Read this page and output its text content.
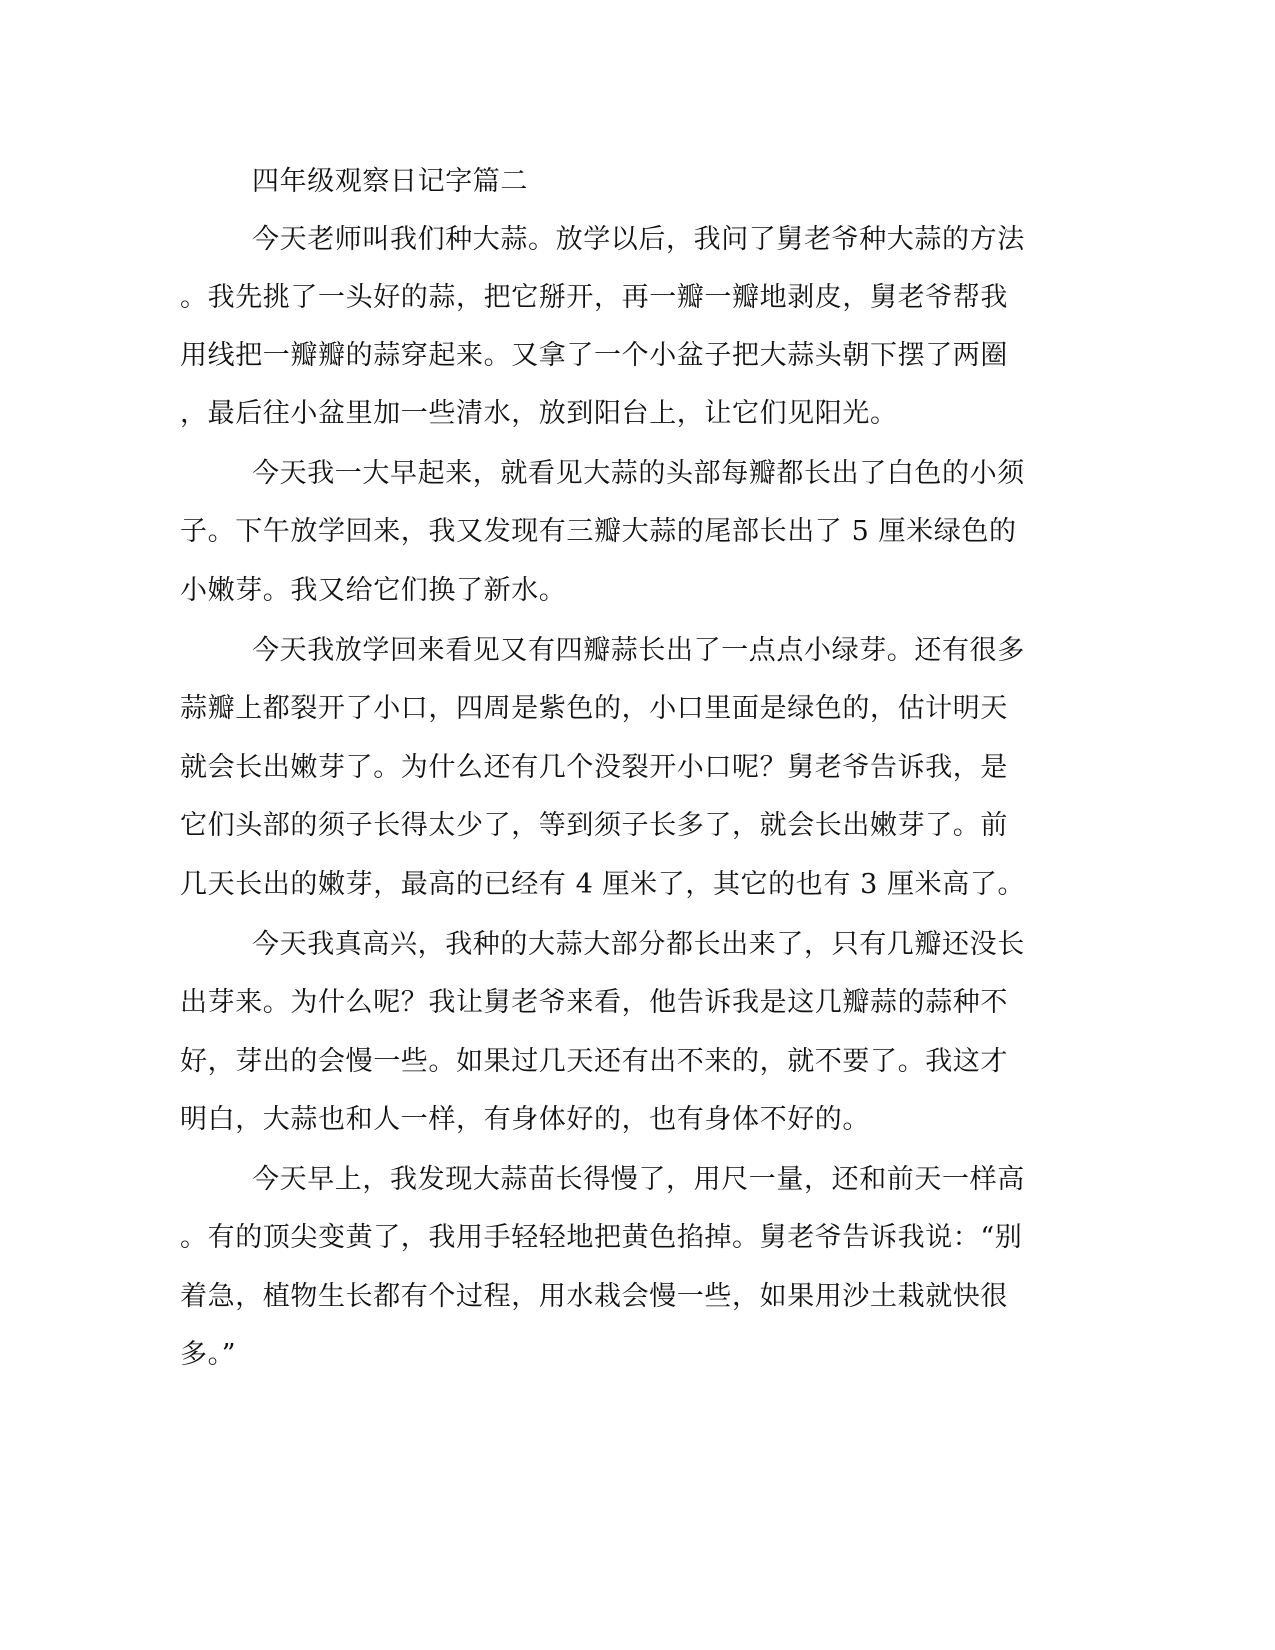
四年级观察日记字篇二
今天老师叫我们种大蒜。放学以后，我问了舅老爷种大蒜的方法
。我先挑了一头好的蒜，把它掰开，再一瓣一瓣地剥皮，舅老爷帮我
用线把一瓣瓣的蒜穿起来。又拿了一个小盆子把大蒜头朝下摆了两圈
，最后往小盆里加一些清水，放到阳台上，让它们见阳光。
今天我一大早起来，就看见大蒜的头部每瓣都长出了白色的小须
子。下午放学回来，我又发现有三瓣大蒜的尾部长出了 5 厘米绿色的
小嫩芽。我又给它们换了新水。
今天我放学回来看见又有四瓣蒜长出了一点点小绿芽。还有很多
蒜瓣上都裂开了小口，四周是紫色的，小口里面是绿色的，估计明天
就会长出嫩芽了。为什么还有几个没裂开小口呢？舅老爷告诉我，是
它们头部的须子长得太少了，等到须子长多了，就会长出嫩芽了。前
几天长出的嫩芽，最高的已经有 4 厘米了，其它的也有 3 厘米高了。
今天我真高兴，我种的大蒜大部分都长出来了，只有几瓣还没长
出芽来。为什么呢？我让舅老爷来看，他告诉我是这几瓣蒜的蒜种不
好，芽出的会慢一些。如果过几天还有出不来的，就不要了。我这才
明白，大蒜也和人一样，有身体好的，也有身体不好的。
今天早上，我发现大蒜苗长得慢了，用尺一量，还和前天一样高
。有的顶尖变黄了，我用手轻轻地把黄色掐掉。舅老爷告诉我说：“别
着急，植物生长都有个过程，用水栽会慢一些，如果用沙土栽就快很
多。”
